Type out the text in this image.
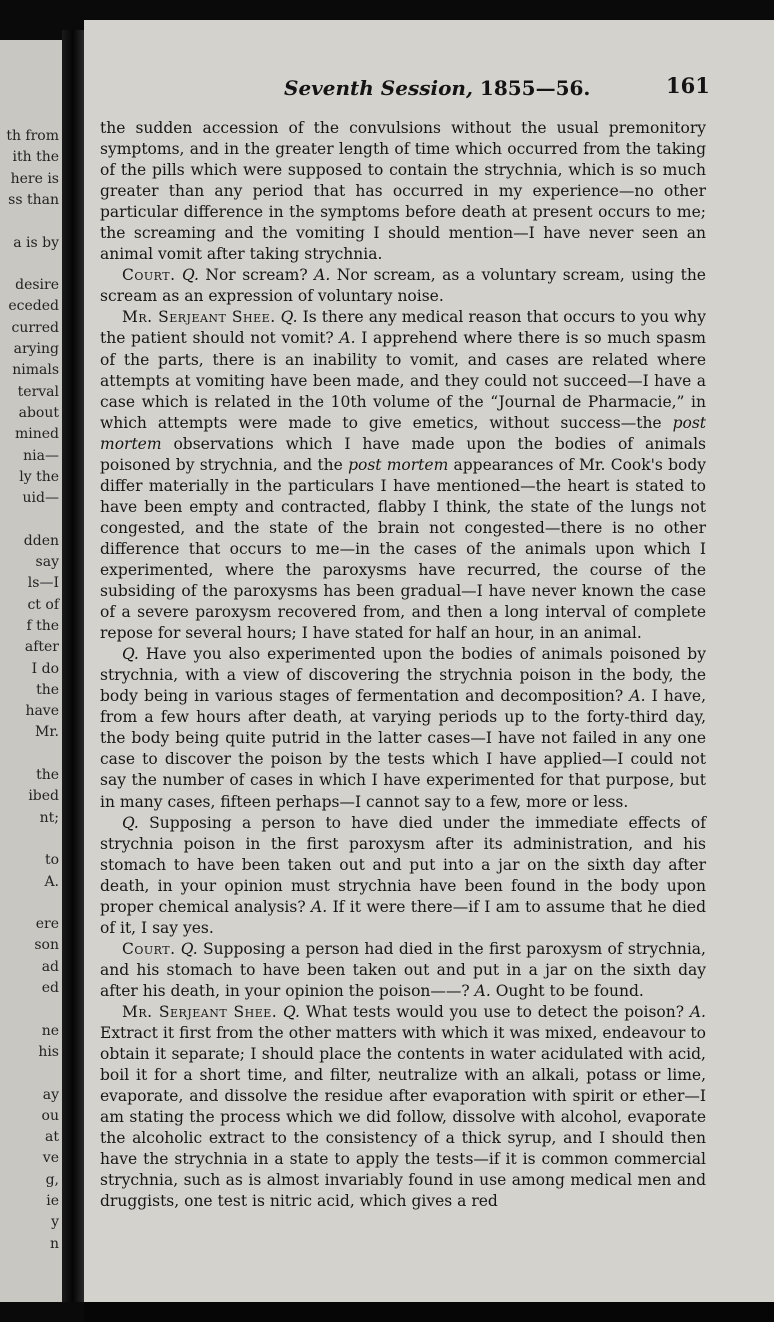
th from
ith the
here is
ss than
a is by
desire
eceded
curred
arying
nimals
terval
about
mined
nia—
ly the
uid—
dden
say
ls—I
ct of
f the
after
I do
the
have
Mr.
the
ibed
nt;
to
A.
ere
son
ad
ed
ne
his
ay
ou
at
ve
g,
ie
y
n
Seventh Session, 1855—56.	161

the sudden accession of the convulsions without the usual premonitory symptoms, and in the greater length of time which occurred from the taking of the pills which were supposed to contain the strychnia, which is so much greater than any period that has occurred in my experience—no other particular difference in the symptoms before death at present occurs to me; the screaming and the vomiting I should mention—I have never seen an animal vomit after taking strychnia.

Court. Q. Nor scream? A. Nor scream, as a voluntary scream, using the scream as an expression of voluntary noise.

Mr. Serjeant Shee. Q. Is there any medical reason that occurs to you why the patient should not vomit? A. I apprehend where there is so much spasm of the parts, there is an inability to vomit, and cases are related where attempts at vomiting have been made, and they could not succeed—I have a case which is related in the 10th volume of the “Journal de Pharmacie,” in which attempts were made to give emetics, without success—the post mortem observations which I have made upon the bodies of animals poisoned by strychnia, and the post mortem appearances of Mr. Cook's body differ materially in the particulars I have mentioned—the heart is stated to have been empty and contracted, flabby I think, the state of the lungs not congested, and the state of the brain not congested—there is no other difference that occurs to me—in the cases of the animals upon which I experimented, where the paroxysms have recurred, the course of the subsiding of the paroxysms has been gradual—I have never known the case of a severe paroxysm recovered from, and then a long interval of complete repose for several hours; I have stated for half an hour, in an animal.

Q. Have you also experimented upon the bodies of animals poisoned by strychnia, with a view of discovering the strychnia poison in the body, the body being in various stages of fermentation and decomposition? A. I have, from a few hours after death, at varying periods up to the forty-third day, the body being quite putrid in the latter cases—I have not failed in any one case to discover the poison by the tests which I have applied—I could not say the number of cases in which I have experimented for that purpose, but in many cases, fifteen perhaps—I cannot say to a few, more or less.

Q. Supposing a person to have died under the immediate effects of strychnia poison in the first paroxysm after its administration, and his stomach to have been taken out and put into a jar on the sixth day after death, in your opinion must strychnia have been found in the body upon proper chemical analysis? A. If it were there—if I am to assume that he died of it, I say yes.

Court. Q. Supposing a person had died in the first paroxysm of strychnia, and his stomach to have been taken out and put in a jar on the sixth day after his death, in your opinion the poison——? A. Ought to be found.

Mr. Serjeant Shee. Q. What tests would you use to detect the poison? A. Extract it first from the other matters with which it was mixed, endeavour to obtain it separate; I should place the contents in water acidulated with acid, boil it for a short time, and filter, neutralize with an alkali, potass or lime, evaporate, and dissolve the residue after evaporation with spirit or ether—I am stating the process which we did follow, dissolve with alcohol, evaporate the alcoholic extract to the consistency of a thick syrup, and I should then have the strychnia in a state to apply the tests—if it is common commercial strychnia, such as is almost invariably found in use among medical men and druggists, one test is nitric acid, which gives a red
